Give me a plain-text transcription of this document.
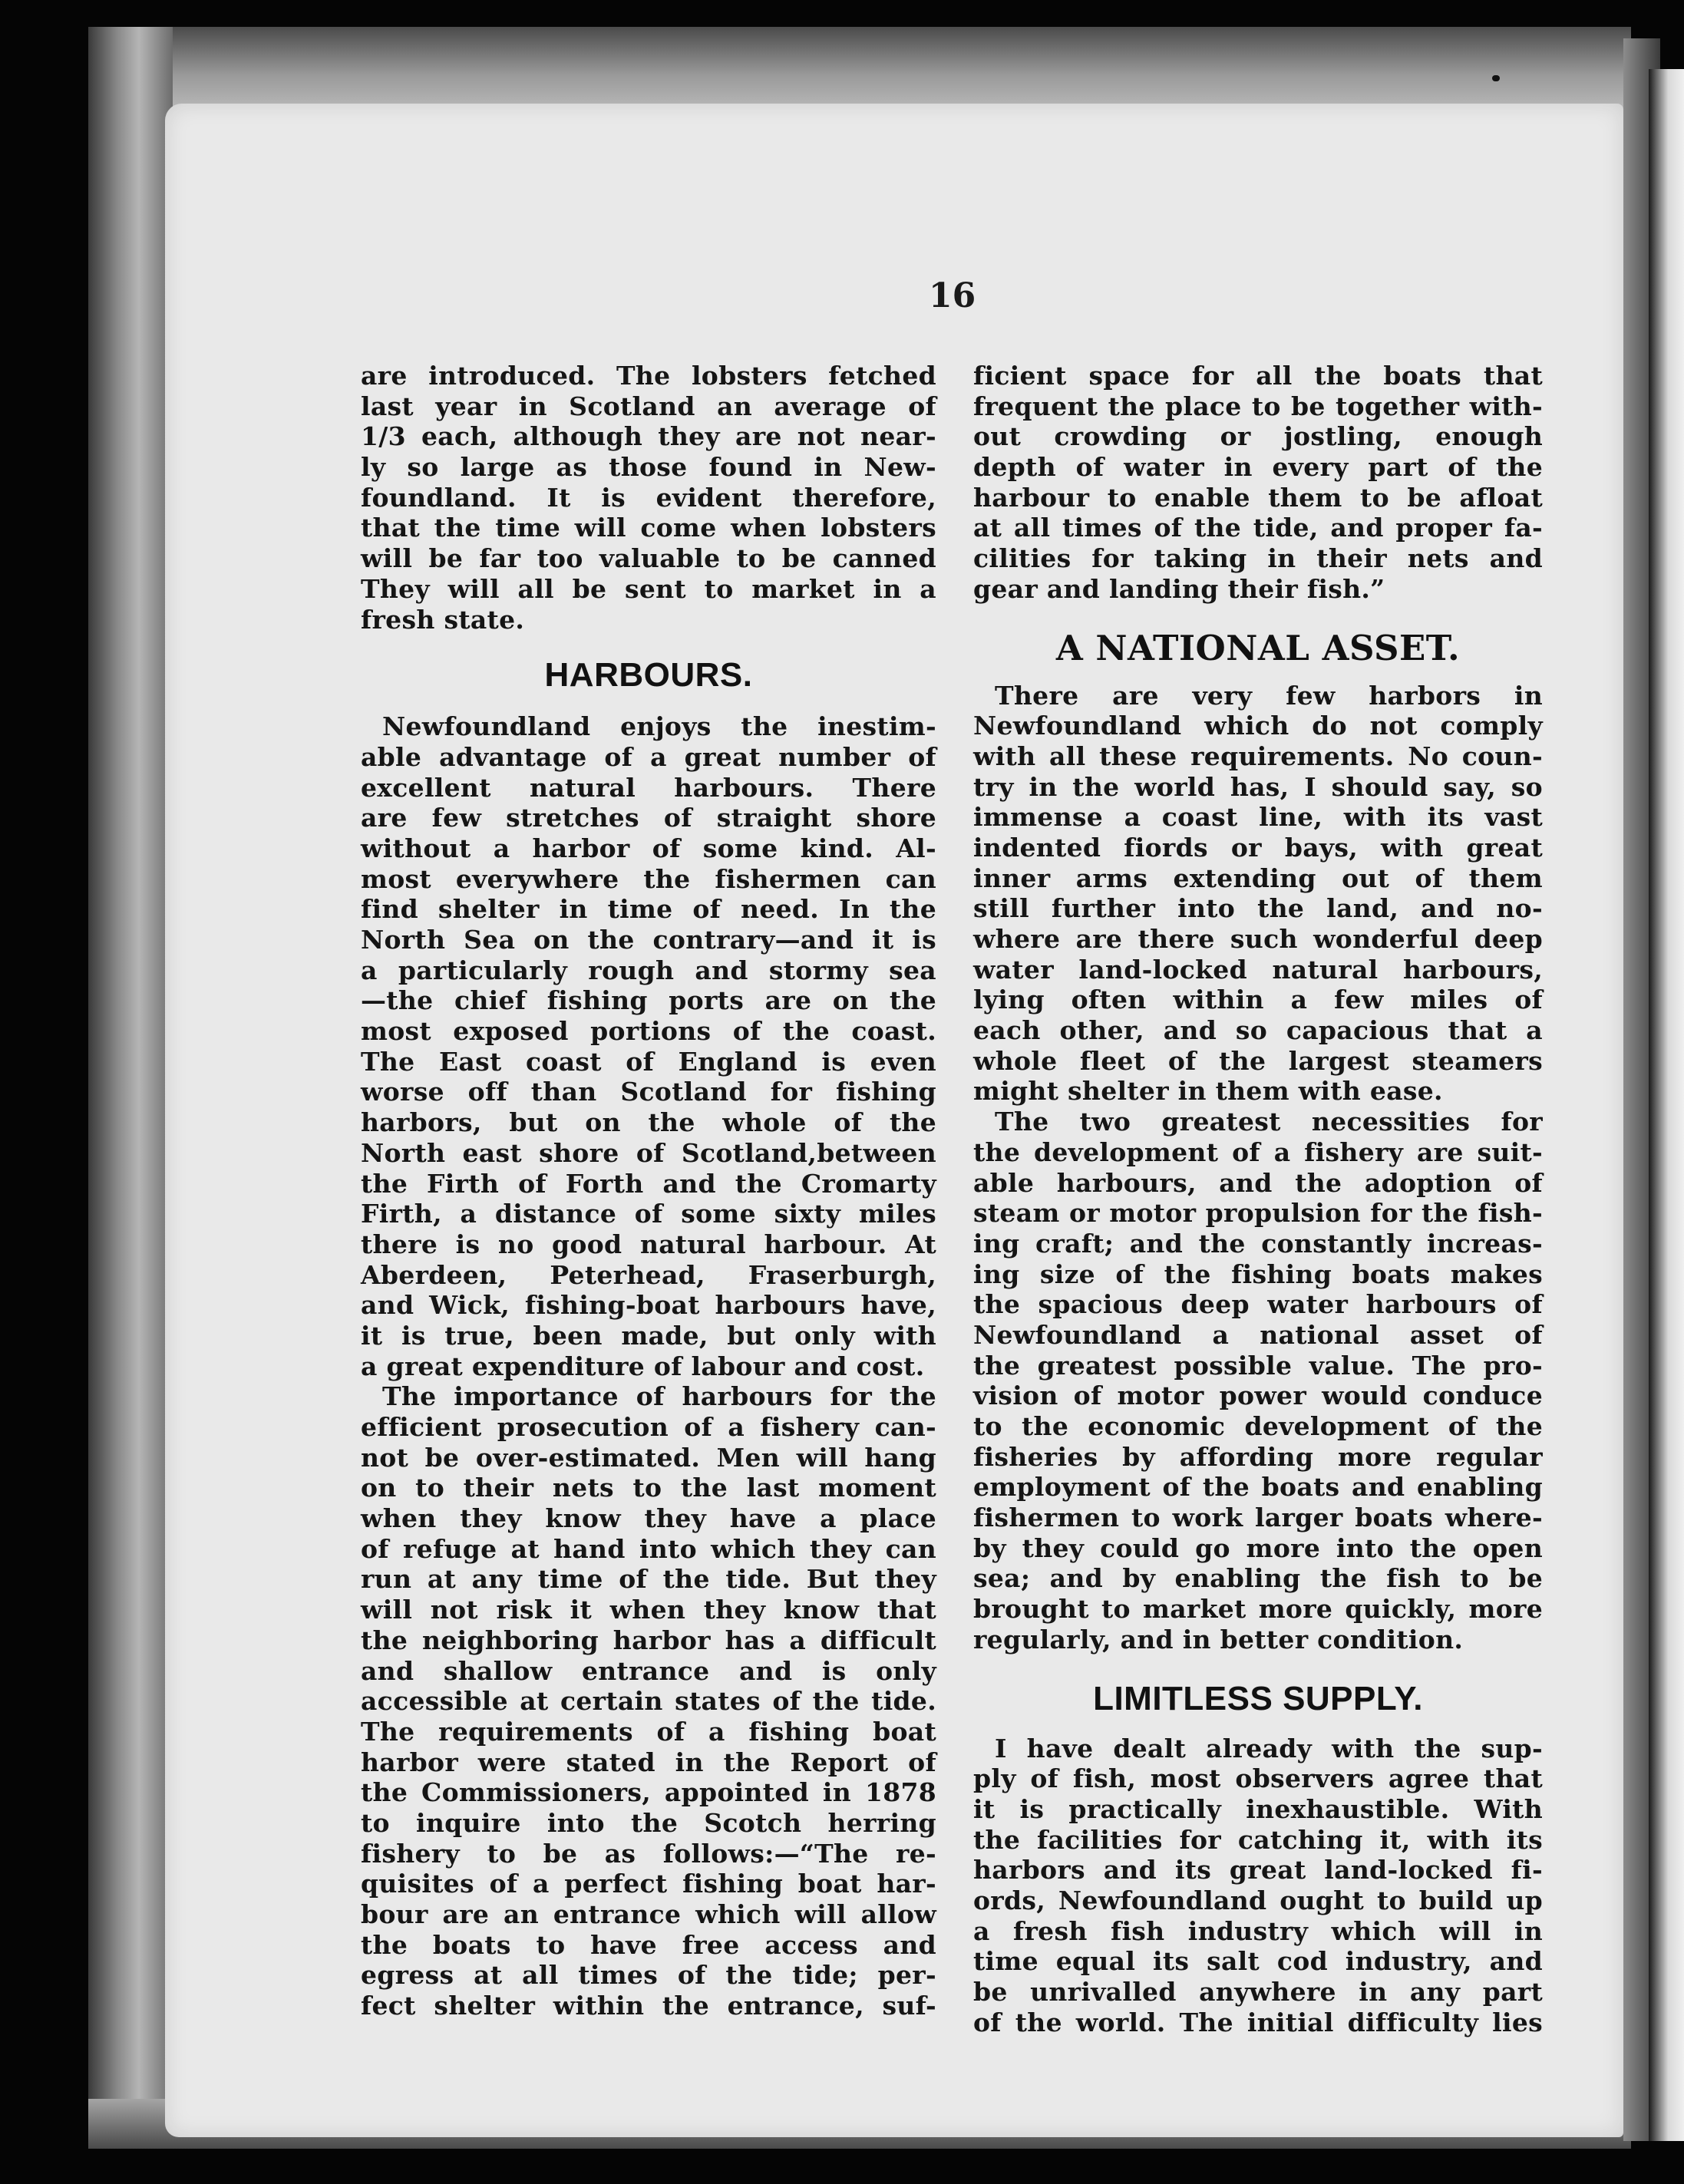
16
are introduced. The lobsters fetched
last year in Scotland an average of
1/3 each, although they are not near-
ly so large as those found in New-
foundland. It is evident therefore,
that the time will come when lobsters
will be far too valuable to be canned
They will all be sent to market in a
fresh state.
HARBOURS.
Newfoundland enjoys the inestim-
able advantage of a great number of
excellent natural harbours. There
are few stretches of straight shore
without a harbor of some kind. Al-
most everywhere the fishermen can
find shelter in time of need. In the
North Sea on the contrary—and it is
a particularly rough and stormy sea
—the chief fishing ports are on the
most exposed portions of the coast.
The East coast of England is even
worse off than Scotland for fishing
harbors, but on the whole of the
North east shore of Scotland,between
the Firth of Forth and the Cromarty
Firth, a distance of some sixty miles
there is no good natural harbour. At
Aberdeen, Peterhead, Fraserburgh,
and Wick, fishing-boat harbours have,
it is true, been made, but only with
a great expenditure of labour and cost.
The importance of harbours for the
efficient prosecution of a fishery can-
not be over-estimated. Men will hang
on to their nets to the last moment
when they know they have a place
of refuge at hand into which they can
run at any time of the tide. But they
will not risk it when they know that
the neighboring harbor has a difficult
and shallow entrance and is only
accessible at certain states of the tide.
The requirements of a fishing boat
harbor were stated in the Report of
the Commissioners, appointed in 1878
to inquire into the Scotch herring
fishery to be as follows:—“The re-
quisites of a perfect fishing boat har-
bour are an entrance which will allow
the boats to have free access and
egress at all times of the tide; per-
fect shelter within the entrance, suf-
ficient space for all the boats that
frequent the place to be together with-
out crowding or jostling, enough
depth of water in every part of the
harbour to enable them to be afloat
at all times of the tide, and proper fa-
cilities for taking in their nets and
gear and landing their fish.”
A NATIONAL ASSET.
There are very few harbors in
Newfoundland which do not comply
with all these requirements. No coun-
try in the world has, I should say, so
immense a coast line, with its vast
indented fiords or bays, with great
inner arms extending out of them
still further into the land, and no-
where are there such wonderful deep
water land-locked natural harbours,
lying often within a few miles of
each other, and so capacious that a
whole fleet of the largest steamers
might shelter in them with ease.
The two greatest necessities for
the development of a fishery are suit-
able harbours, and the adoption of
steam or motor propulsion for the fish-
ing craft; and the constantly increas-
ing size of the fishing boats makes
the spacious deep water harbours of
Newfoundland a national asset of
the greatest possible value. The pro-
vision of motor power would conduce
to the economic development of the
fisheries by affording more regular
employment of the boats and enabling
fishermen to work larger boats where-
by they could go more into the open
sea; and by enabling the fish to be
brought to market more quickly, more
regularly, and in better condition.
LIMITLESS SUPPLY.
I have dealt already with the sup-
ply of fish, most observers agree that
it is practically inexhaustible. With
the facilities for catching it, with its
harbors and its great land-locked fi-
ords, Newfoundland ought to build up
a fresh fish industry which will in
time equal its salt cod industry, and
be unrivalled anywhere in any part
of the world. The initial difficulty lies
